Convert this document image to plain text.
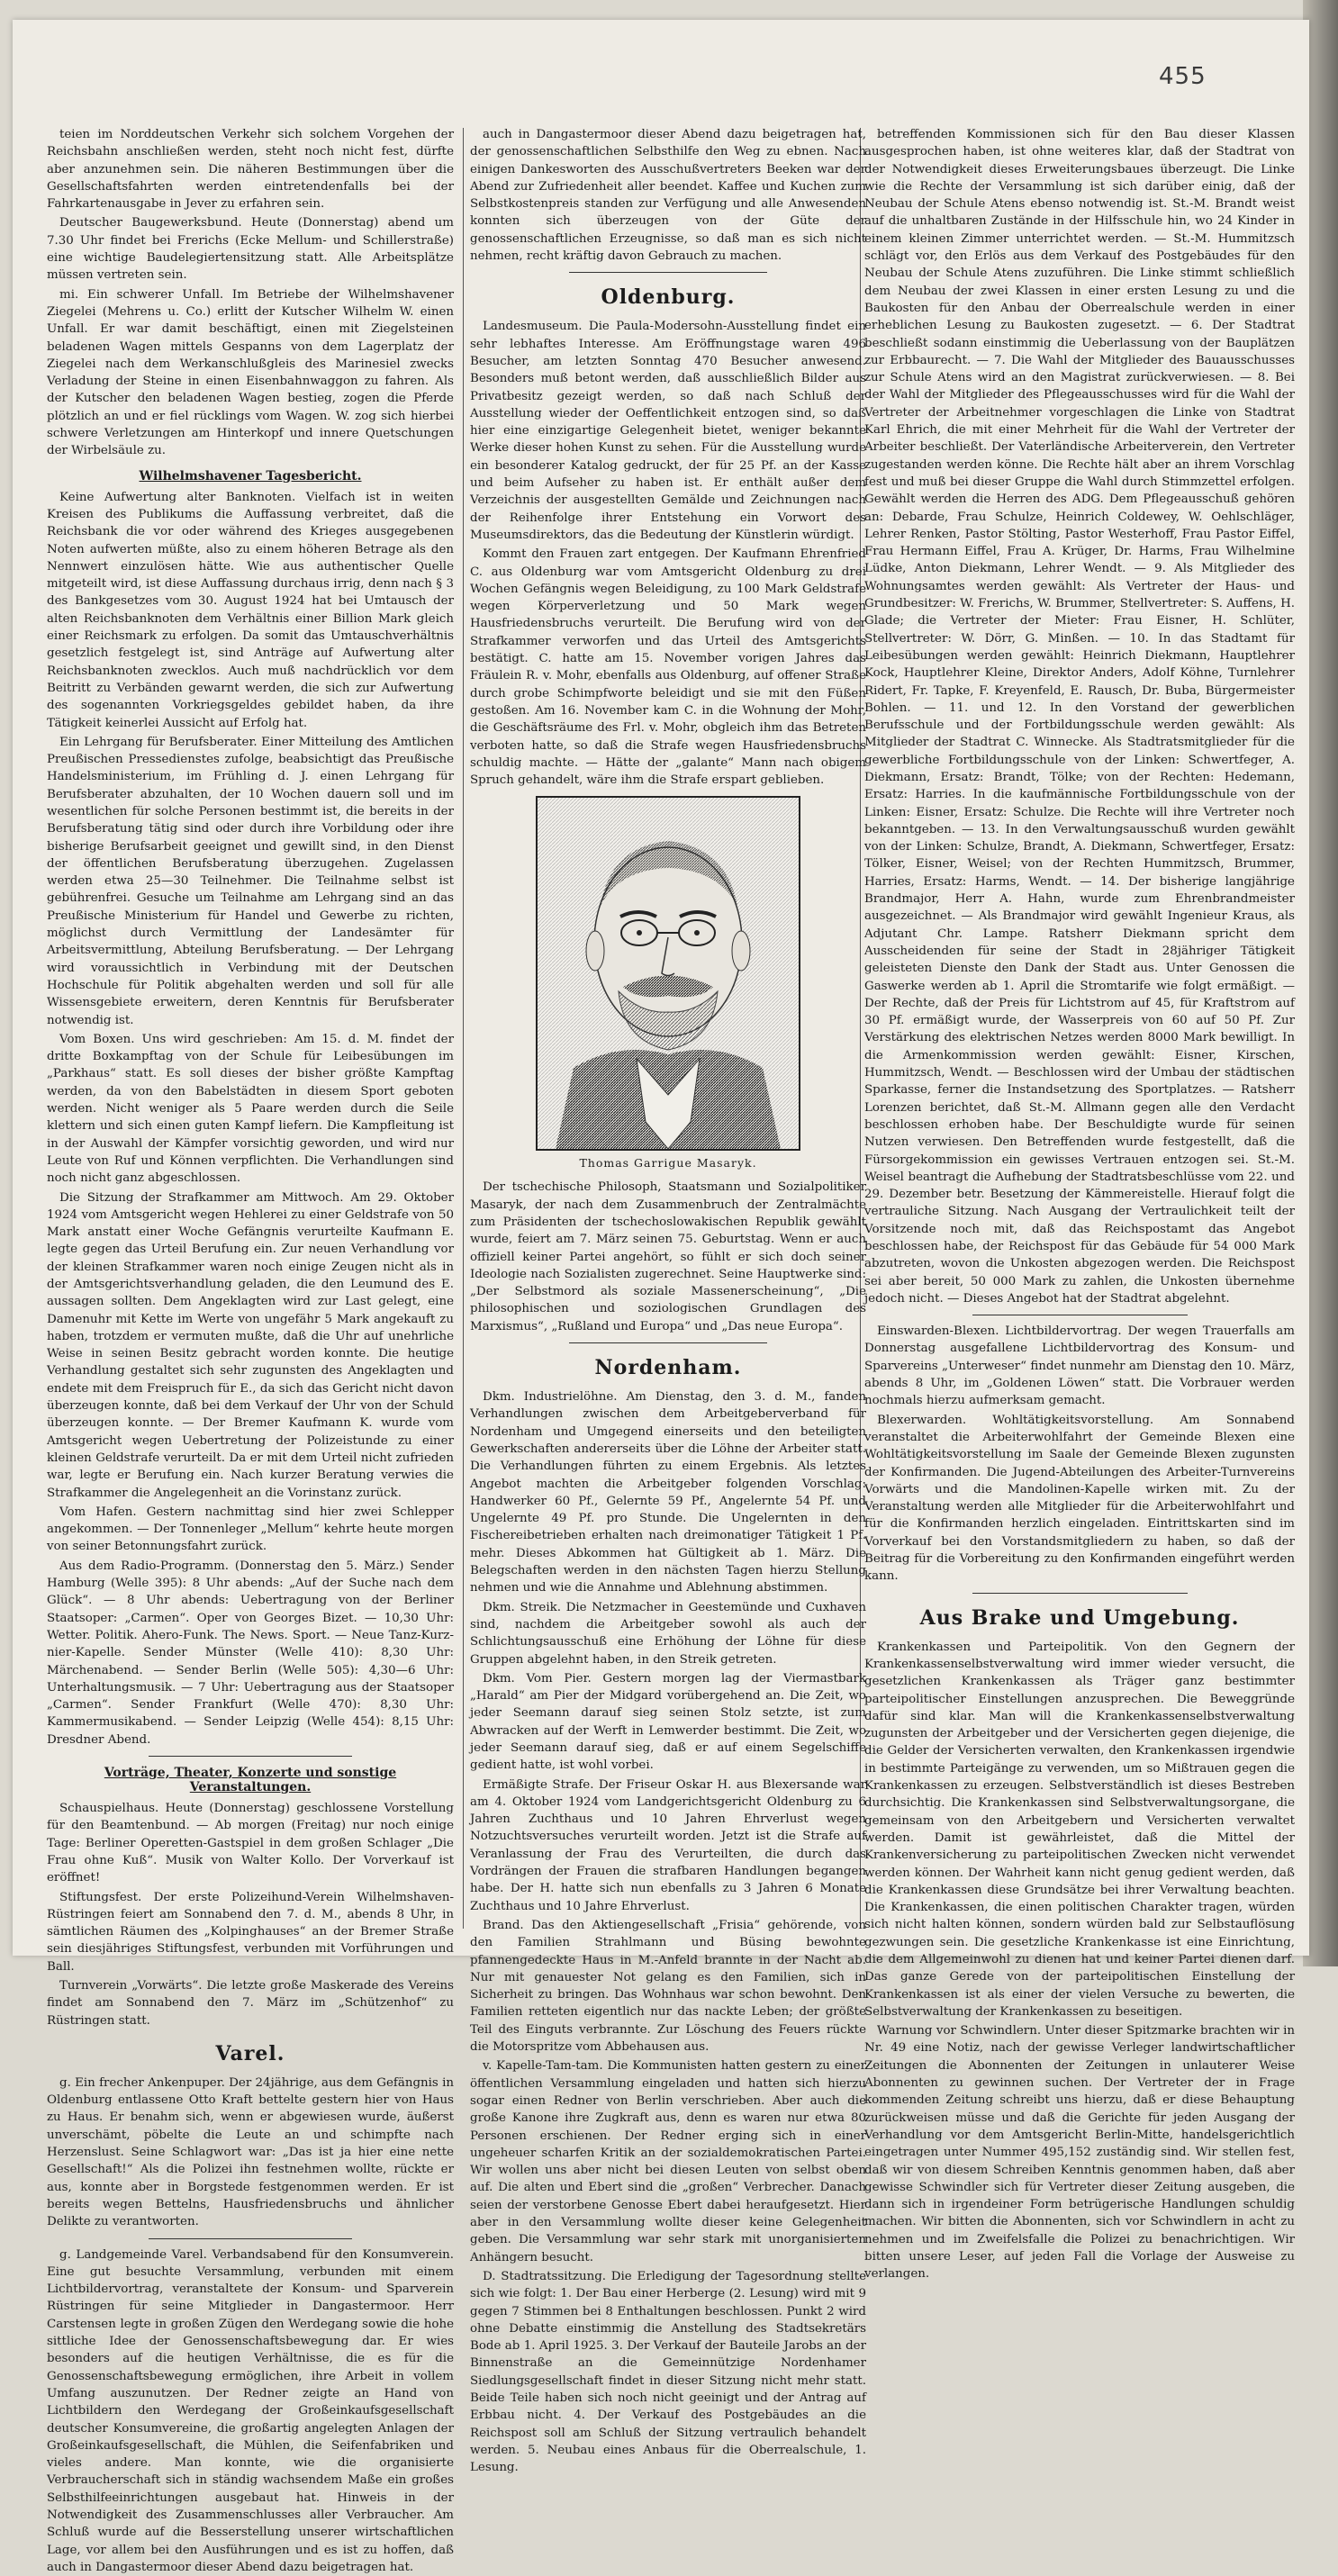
455

teien im Norddeutschen Verkehr sich solchem Vorgehen der Reichsbahn anschließen werden, steht noch nicht fest, dürfte aber anzunehmen sein. Die näheren Bestimmungen über die Gesellschaftsfahrten werden eintretendenfalls bei der Fahrkartenausgabe in Jever zu erfahren sein.

Deutscher Baugewerksbund. Heute (Donnerstag) abend um 7.30 Uhr findet bei Frerichs (Ecke Mellum- und Schillerstraße) eine wichtige Baudelegiertensitzung statt. Alle Arbeitsplätze müssen vertreten sein.

mi. Ein schwerer Unfall. Im Betriebe der Wilhelmshavener Ziegelei (Mehrens u. Co.) erlitt der Kutscher Wilhelm W. einen Unfall. Er war damit beschäftigt, einen mit Ziegelsteinen beladenen Wagen mittels Gespanns von dem Lagerplatz der Ziegelei nach dem Werkanschlußgleis des Marinesiel zwecks Verladung der Steine in einen Eisenbahnwaggon zu fahren. Als der Kutscher den beladenen Wagen bestieg, zogen die Pferde plötzlich an und er fiel rücklings vom Wagen. W. zog sich hierbei schwere Verletzungen am Hinterkopf und innere Quetschungen der Wirbelsäule zu.

Wilhelmshavener Tagesbericht.

Keine Aufwertung alter Banknoten. Vielfach ist in weiten Kreisen des Publikums die Auffassung verbreitet, daß die Reichsbank die vor oder während des Krieges ausgegebenen Noten aufwerten müßte, also zu einem höheren Betrage als den Nennwert einzulösen hätte. Wie aus authentischer Quelle mitgeteilt wird, ist diese Auffassung durchaus irrig, denn nach § 3 des Bankgesetzes vom 30. August 1924 hat bei Umtausch der alten Reichsbanknoten dem Verhältnis einer Billion Mark gleich einer Reichsmark zu erfolgen. Da somit das Umtauschverhältnis gesetzlich festgelegt ist, sind Anträge auf Aufwertung alter Reichsbanknoten zwecklos. Auch muß nachdrücklich vor dem Beitritt zu Verbänden gewarnt werden, die sich zur Aufwertung des sogenannten Vorkriegsgeldes gebildet haben, da ihre Tätigkeit keinerlei Aussicht auf Erfolg hat.

Ein Lehrgang für Berufsberater. Einer Mitteilung des Amtlichen Preußischen Pressedienstes zufolge, beabsichtigt das Preußische Handelsministerium, im Frühling d. J. einen Lehrgang für Berufsberater abzuhalten, der 10 Wochen dauern soll und im wesentlichen für solche Personen bestimmt ist, die bereits in der Berufsberatung tätig sind oder durch ihre Vorbildung oder ihre bisherige Berufsarbeit geeignet und gewillt sind, in den Dienst der öffentlichen Berufsberatung überzugehen. Zugelassen werden etwa 25—30 Teilnehmer. Die Teilnahme selbst ist gebührenfrei. Gesuche um Teilnahme am Lehrgang sind an das Preußische Ministerium für Handel und Gewerbe zu richten, möglichst durch Vermittlung der Landesämter für Arbeitsvermittlung, Abteilung Berufsberatung. — Der Lehrgang wird voraussichtlich in Verbindung mit der Deutschen Hochschule für Politik abgehalten werden und soll für alle Wissensgebiete erweitern, deren Kenntnis für Berufsberater notwendig ist.

Vom Boxen. Uns wird geschrieben: Am 15. d. M. findet der dritte Boxkampftag von der Schule für Leibesübungen im „Parkhaus“ statt. Es soll dieses der bisher größte Kampftag werden, da von den Babelstädten in diesem Sport geboten werden. Nicht weniger als 5 Paare werden durch die Seile klettern und sich einen guten Kampf liefern. Die Kampfleitung ist in der Auswahl der Kämpfer vorsichtig geworden, und wird nur Leute von Ruf und Können verpflichten. Die Verhandlungen sind noch nicht ganz abgeschlossen.

Die Sitzung der Strafkammer am Mittwoch. Am 29. Oktober 1924 vom Amtsgericht wegen Hehlerei zu einer Geldstrafe von 50 Mark anstatt einer Woche Gefängnis verurteilte Kaufmann E. legte gegen das Urteil Berufung ein. Zur neuen Verhandlung vor der kleinen Strafkammer waren noch einige Zeugen nicht als in der Amtsgerichtsverhandlung geladen, die den Leumund des E. aussagen sollten. Dem Angeklagten wird zur Last gelegt, eine Damenuhr mit Kette im Werte von ungefähr 5 Mark angekauft zu haben, trotzdem er vermuten mußte, daß die Uhr auf unehrliche Weise in seinen Besitz gebracht worden konnte. Die heutige Verhandlung gestaltet sich sehr zugunsten des Angeklagten und endete mit dem Freispruch für E., da sich das Gericht nicht davon überzeugen konnte, daß bei dem Verkauf der Uhr von der Schuld überzeugen konnte. — Der Bremer Kaufmann K. wurde vom Amtsgericht wegen Uebertretung der Polizeistunde zu einer kleinen Geldstrafe verurteilt. Da er mit dem Urteil nicht zufrieden war, legte er Berufung ein. Nach kurzer Beratung verwies die Strafkammer die Angelegenheit an die Vorinstanz zurück.

Vom Hafen. Gestern nachmittag sind hier zwei Schlepper angekommen. — Der Tonnenleger „Mellum“ kehrte heute morgen von seiner Betonnungsfahrt zurück.

Aus dem Radio-Programm. (Donnerstag den 5. März.) Sender Hamburg (Welle 395): 8 Uhr abends: „Auf der Suche nach dem Glück“. — 8 Uhr abends: Uebertragung von der Berliner Staatsoper: „Carmen“. Oper von Georges Bizet. — 10,30 Uhr: Wetter. Politik. Ahero-Funk. The News. Sport. — Neue Tanz-Kurz-nier-Kapelle. Sender Münster (Welle 410): 8,30 Uhr: Märchenabend. — Sender Berlin (Welle 505): 4,30—6 Uhr: Unterhaltungsmusik. — 7 Uhr: Uebertragung aus der Staatsoper „Carmen“. Sender Frankfurt (Welle 470): 8,30 Uhr: Kammermusikabend. — Sender Leipzig (Welle 454): 8,15 Uhr: Dresdner Abend.

Vorträge, Theater, Konzerte und sonstige Veranstaltungen.

Schauspielhaus. Heute (Donnerstag) geschlossene Vorstellung für den Beamtenbund. — Ab morgen (Freitag) nur noch einige Tage: Berliner Operetten-Gastspiel in dem großen Schlager „Die Frau ohne Kuß“. Musik von Walter Kollo. Der Vorverkauf ist eröffnet!

Stiftungsfest. Der erste Polizeihund-Verein Wilhelmshaven-Rüstringen feiert am Sonnabend den 7. d. M., abends 8 Uhr, in sämtlichen Räumen des „Kolpinghauses“ an der Bremer Straße sein diesjähriges Stiftungsfest, verbunden mit Vorführungen und Ball.

Turnverein „Vorwärts“. Die letzte große Maskerade des Vereins findet am Sonnabend den 7. März im „Schützenhof“ zu Rüstringen statt.

Varel.

g. Ein frecher Ankenpuper. Der 24jährige, aus dem Gefängnis in Oldenburg entlassene Otto Kraft bettelte gestern hier von Haus zu Haus. Er benahm sich, wenn er abgewiesen wurde, äußerst unverschämt, pöbelte die Leute an und schimpfte nach Herzenslust. Seine Schlagwort war: „Das ist ja hier eine nette Gesellschaft!“ Als die Polizei ihn festnehmen wollte, rückte er aus, konnte aber in Borgstede festgenommen werden. Er ist bereits wegen Bettelns, Hausfriedensbruchs und ähnlicher Delikte zu verantworten.

g. Landgemeinde Varel. Verbandsabend für den Konsumverein. Eine gut besuchte Versammlung, verbunden mit einem Lichtbildervortrag, veranstaltete der Konsum- und Sparverein Rüstringen für seine Mitglieder in Dangastermoor. Herr Carstensen legte in großen Zügen den Werdegang sowie die hohe sittliche Idee der Genossenschaftsbewegung dar. Er wies besonders auf die heutigen Verhältnisse, die es für die Genossenschaftsbewegung ermöglichen, ihre Arbeit in vollem Umfang auszunutzen. Der Redner zeigte an Hand von Lichtbildern den Werdegang der Großeinkaufsgesellschaft deutscher Konsumvereine, die großartig angelegten Anlagen der Großeinkaufsgesellschaft, die Mühlen, die Seifenfabriken und vieles andere. Man konnte, wie die organisierte Verbraucherschaft sich in ständig wachsendem Maße ein großes Selbsthilfeeinrichtungen ausgebaut hat. Hinweis in der Notwendigkeit des Zusammenschlusses aller Verbraucher. Am Schluß wurde auf die Besserstellung unserer wirtschaftlichen Lage, vor allem bei den Ausführungen und es ist zu hoffen, daß auch in Dangastermoor dieser Abend dazu beigetragen hat.

auch in Dangastermoor dieser Abend dazu beigetragen hat, der genossenschaftlichen Selbsthilfe den Weg zu ebnen. Nach einigen Dankesworten des Ausschußvertreters Beeken war der Abend zur Zufriedenheit aller beendet. Kaffee und Kuchen zum Selbstkostenpreis standen zur Verfügung und alle Anwesenden konnten sich überzeugen von der Güte der genossenschaftlichen Erzeugnisse, so daß man es sich nicht nehmen, recht kräftig davon Gebrauch zu machen.

Oldenburg.

Landesmuseum. Die Paula-Modersohn-Ausstellung findet ein sehr lebhaftes Interesse. Am Eröffnungstage waren 496 Besucher, am letzten Sonntag 470 Besucher anwesend. Besonders muß betont werden, daß ausschließlich Bilder aus Privatbesitz gezeigt werden, so daß nach Schluß der Ausstellung wieder der Oeffentlichkeit entzogen sind, so daß hier eine einzigartige Gelegenheit bietet, weniger bekannte Werke dieser hohen Kunst zu sehen. Für die Ausstellung wurde ein besonderer Katalog gedruckt, der für 25 Pf. an der Kasse und beim Aufseher zu haben ist. Er enthält außer dem Verzeichnis der ausgestellten Gemälde und Zeichnungen nach der Reihenfolge ihrer Entstehung ein Vorwort des Museumsdirektors, das die Bedeutung der Künstlerin würdigt.

Kommt den Frauen zart entgegen. Der Kaufmann Ehrenfried C. aus Oldenburg war vom Amtsgericht Oldenburg zu drei Wochen Gefängnis wegen Beleidigung, zu 100 Mark Geldstrafe wegen Körperverletzung und 50 Mark wegen Hausfriedensbruchs verurteilt. Die Berufung wird von der Strafkammer verworfen und das Urteil des Amtsgerichts bestätigt. C. hatte am 15. November vorigen Jahres das Fräulein R. v. Mohr, ebenfalls aus Oldenburg, auf offener Straße durch grobe Schimpfworte beleidigt und sie mit den Füßen gestoßen. Am 16. November kam C. in die Wohnung der Mohr, die Geschäftsräume des Frl. v. Mohr, obgleich ihm das Betreten verboten hatte, so daß die Strafe wegen Hausfriedensbruchs schuldig machte. — Hätte der „galante“ Mann nach obigem Spruch gehandelt, wäre ihm die Strafe erspart geblieben.

Thomas Garrigue Masaryk.

Der tschechische Philosoph, Staatsmann und Sozialpolitiker Masaryk, der nach dem Zusammenbruch der Zentralmächte zum Präsidenten der tschechoslowakischen Republik gewählt wurde, feiert am 7. März seinen 75. Geburtstag. Wenn er auch offiziell keiner Partei angehört, so fühlt er sich doch seiner Ideologie nach Sozialisten zugerechnet. Seine Hauptwerke sind: „Der Selbstmord als soziale Massenerscheinung“, „Die philosophischen und soziologischen Grundlagen des Marxismus“, „Rußland und Europa“ und „Das neue Europa“.

Nordenham.

Dkm. Industrielöhne. Am Dienstag, den 3. d. M., fanden Verhandlungen zwischen dem Arbeitgeberverband für Nordenham und Umgegend einerseits und den beteiligten Gewerkschaften andererseits über die Löhne der Arbeiter statt. Die Verhandlungen führten zu einem Ergebnis. Als letztes Angebot machten die Arbeitgeber folgenden Vorschlag: Handwerker 60 Pf., Gelernte 59 Pf., Angelernte 54 Pf. und Ungelernte 49 Pf. pro Stunde. Die Ungelernten in den Fischereibetrieben erhalten nach dreimonatiger Tätigkeit 1 Pf. mehr. Dieses Abkommen hat Gültigkeit ab 1. März. Die Belegschaften werden in den nächsten Tagen hierzu Stellung nehmen und wie die Annahme und Ablehnung abstimmen.

Dkm. Streik. Die Netzmacher in Geestemünde und Cuxhaven sind, nachdem die Arbeitgeber sowohl als auch der Schlichtungsausschuß eine Erhöhung der Löhne für diese Gruppen abgelehnt haben, in den Streik getreten.

Dkm. Vom Pier. Gestern morgen lag der Viermastbark „Harald“ am Pier der Midgard vorübergehend an. Die Zeit, wo jeder Seemann darauf sieg seinen Stolz setzte, ist zum Abwracken auf der Werft in Lemwerder bestimmt. Die Zeit, wo jeder Seemann darauf sieg, daß er auf einem Segelschiffe gedient hatte, ist wohl vorbei.

Ermäßigte Strafe. Der Friseur Oskar H. aus Blexersande war am 4. Oktober 1924 vom Landgerichtsgericht Oldenburg zu 6 Jahren Zuchthaus und 10 Jahren Ehrverlust wegen Notzuchtsversuches verurteilt worden. Jetzt ist die Strafe auf Veranlassung der Frau des Verurteilten, die durch das Vordrängen der Frauen die strafbaren Handlungen begangen habe. Der H. hatte sich nun ebenfalls zu 3 Jahren 6 Monate Zuchthaus und 10 Jahre Ehrverlust.

Brand. Das den Aktiengesellschaft „Frisia“ gehörende, von den Familien Strahlmann und Büsing bewohnte pfannengedeckte Haus in M.-Anfeld brannte in der Nacht ab. Nur mit genauester Not gelang es den Familien, sich in Sicherheit zu bringen. Das Wohnhaus war schon bewohnt. Den Familien retteten eigentlich nur das nackte Leben; der größte Teil des Einguts verbrannte. Zur Löschung des Feuers rückte die Motorspritze vom Abbehausen aus.

v. Kapelle-Tam-tam. Die Kommunisten hatten gestern zu einer öffentlichen Versammlung eingeladen und hatten sich hierzu sogar einen Redner von Berlin verschrieben. Aber auch die große Kanone ihre Zugkraft aus, denn es waren nur etwa 80 Personen erschienen. Der Redner erging sich in einer ungeheuer scharfen Kritik an der sozialdemokratischen Partei. Wir wollen uns aber nicht bei diesen Leuten von selbst oben auf. Die alten und Ebert sind die „großen“ Verbrecher. Danach seien der verstorbene Genosse Ebert dabei heraufgesetzt. Hier aber in den Versammlung wollte dieser keine Gelegenheit geben. Die Versammlung war sehr stark mit unorganisierten Anhängern besucht.

D. Stadtratssitzung. Die Erledigung der Tagesordnung stellte sich wie folgt: 1. Der Bau einer Herberge (2. Lesung) wird mit 9 gegen 7 Stimmen bei 8 Enthaltungen beschlossen. Punkt 2 wird ohne Debatte einstimmig die Anstellung des Stadtsekretärs Bode ab 1. April 1925. 3. Der Verkauf der Bauteile Jarobs an der Binnenstraße an die Gemeinnützige Nordenhamer Siedlungsgesellschaft findet in dieser Sitzung nicht mehr statt. Beide Teile haben sich noch nicht geeinigt und der Antrag auf Erbbau nicht. 4. Der Verkauf des Postgebäudes an die Reichspost soll am Schluß der Sitzung vertraulich behandelt werden. 5. Neubau eines Anbaus für die Oberrealschule, 1. Lesung.

betreffenden Kommissionen sich für den Bau dieser Klassen ausgesprochen haben, ist ohne weiteres klar, daß der Stadtrat von der Notwendigkeit dieses Erweiterungsbaues überzeugt. Die Linke wie die Rechte der Versammlung ist sich darüber einig, daß der Neubau der Schule Atens ebenso notwendig ist. St.-M. Brandt weist auf die unhaltbaren Zustände in der Hilfsschule hin, wo 24 Kinder in einem kleinen Zimmer unterrichtet werden. — St.-M. Hummitzsch schlägt vor, den Erlös aus dem Verkauf des Postgebäudes für den Neubau der Schule Atens zuzuführen. Die Linke stimmt schließlich dem Neubau der zwei Klassen in einer ersten Lesung zu und die Baukosten für den Anbau der Oberrealschule werden in einer erheblichen Lesung zu Baukosten zugesetzt. — 6. Der Stadtrat beschließt sodann einstimmig die Ueberlassung von der Bauplätzen zur Erbbaurecht. — 7. Die Wahl der Mitglieder des Bauausschusses zur Schule Atens wird an den Magistrat zurückverwiesen. — 8. Bei der Wahl der Mitglieder des Pflegeausschusses wird für die Wahl der Vertreter der Arbeitnehmer vorgeschlagen die Linke von Stadtrat Karl Ehrich, die mit einer Mehrheit für die Wahl der Vertreter der Arbeiter beschließt. Der Vaterländische Arbeiterverein, den Vertreter zugestanden werden könne. Die Rechte hält aber an ihrem Vorschlag fest und muß bei dieser Gruppe die Wahl durch Stimmzettel erfolgen. Gewählt werden die Herren des ADG. Dem Pflegeausschuß gehören an: Debarde, Frau Schulze, Heinrich Coldewey, W. Oehlschläger, Lehrer Renken, Pastor Stölting, Pastor Westerhoff, Frau Pastor Eiffel, Frau Hermann Eiffel, Frau A. Krüger, Dr. Harms, Frau Wilhelmine Lüdke, Anton Diekmann, Lehrer Wendt. — 9. Als Mitglieder des Wohnungsamtes werden gewählt: Als Vertreter der Haus- und Grundbesitzer: W. Frerichs, W. Brummer, Stellvertreter: S. Auffens, H. Glade; die Vertreter der Mieter: Frau Eisner, H. Schlüter, Stellvertreter: W. Dörr, G. Minßen. — 10. In das Stadtamt für Leibesübungen werden gewählt: Heinrich Diekmann, Hauptlehrer Kock, Hauptlehrer Kleine, Direktor Anders, Adolf Köhne, Turnlehrer Ridert, Fr. Tapke, F. Kreyenfeld, E. Rausch, Dr. Buba, Bürgermeister Bohlen. — 11. und 12. In den Vorstand der gewerblichen Berufsschule und der Fortbildungsschule werden gewählt: Als Mitglieder der Stadtrat C. Winnecke. Als Stadtratsmitglieder für die gewerbliche Fortbildungsschule von der Linken: Schwertfeger, A. Diekmann, Ersatz: Brandt, Tölke; von der Rechten: Hedemann, Ersatz: Harries. In die kaufmännische Fortbildungsschule von der Linken: Eisner, Ersatz: Schulze. Die Rechte will ihre Vertreter noch bekanntgeben. — 13. In den Verwaltungsausschuß wurden gewählt von der Linken: Schulze, Brandt, A. Diekmann, Schwertfeger, Ersatz: Tölker, Eisner, Weisel; von der Rechten Hummitzsch, Brummer, Harries, Ersatz: Harms, Wendt. — 14. Der bisherige langjährige Brandmajor, Herr A. Hahn, wurde zum Ehrenbrandmeister ausgezeichnet. — Als Brandmajor wird gewählt Ingenieur Kraus, als Adjutant Chr. Lampe. Ratsherr Diekmann spricht dem Ausscheidenden für seine der Stadt in 28jähriger Tätigkeit geleisteten Dienste den Dank der Stadt aus. Unter Genossen die Gaswerke werden ab 1. April die Stromtarife wie folgt ermäßigt. — Der Rechte, daß der Preis für Lichtstrom auf 45, für Kraftstrom auf 30 Pf. ermäßigt wurde, der Wasserpreis von 60 auf 50 Pf. Zur Verstärkung des elektrischen Netzes werden 8000 Mark bewilligt. In die Armenkommission werden gewählt: Eisner, Kirschen, Hummitzsch, Wendt. — Beschlossen wird der Umbau der städtischen Sparkasse, ferner die Instandsetzung des Sportplatzes. — Ratsherr Lorenzen berichtet, daß St.-M. Allmann gegen alle den Verdacht beschlossen erhoben habe. Der Beschuldigte wurde für seinen Nutzen verwiesen. Den Betreffenden wurde festgestellt, daß die Fürsorgekommission ein gewisses Vertrauen entzogen sei. St.-M. Weisel beantragt die Aufhebung der Stadtratsbeschlüsse vom 22. und 29. Dezember betr. Besetzung der Kämmereistelle. Hierauf folgt die vertrauliche Sitzung. Nach Ausgang der Vertraulichkeit teilt der Vorsitzende noch mit, daß das Reichspostamt das Angebot beschlossen habe, der Reichspost für das Gebäude für 54 000 Mark abzutreten, wovon die Unkosten abgezogen werden. Die Reichspost sei aber bereit, 50 000 Mark zu zahlen, die Unkosten übernehme jedoch nicht. — Dieses Angebot hat der Stadtrat abgelehnt.

Einswarden-Blexen. Lichtbildervortrag. Der wegen Trauerfalls am Donnerstag ausgefallene Lichtbildervortrag des Konsum- und Sparvereins „Unterweser“ findet nunmehr am Dienstag den 10. März, abends 8 Uhr, im „Goldenen Löwen“ statt. Die Vorbrauer werden nochmals hierzu aufmerksam gemacht.

Blexerwarden. Wohltätigkeitsvorstellung. Am Sonnabend veranstaltet die Arbeiterwohlfahrt der Gemeinde Blexen eine Wohltätigkeitsvorstellung im Saale der Gemeinde Blexen zugunsten der Konfirmanden. Die Jugend-Abteilungen des Arbeiter-Turnvereins Vorwärts und die Mandolinen-Kapelle wirken mit. Zu der Veranstaltung werden alle Mitglieder für die Arbeiterwohlfahrt und für die Konfirmanden herzlich eingeladen. Eintrittskarten sind im Vorverkauf bei den Vorstandsmitgliedern zu haben, so daß der Beitrag für die Vorbereitung zu den Konfirmanden eingeführt werden kann.

Aus Brake und Umgebung.

Krankenkassen und Parteipolitik. Von den Gegnern der Krankenkassenselbstverwaltung wird immer wieder versucht, die gesetzlichen Krankenkassen als Träger ganz bestimmter parteipolitischer Einstellungen anzusprechen. Die Beweggründe dafür sind klar. Man will die Krankenkassenselbstverwaltung zugunsten der Arbeitgeber und der Versicherten gegen diejenige, die die Gelder der Versicherten verwalten, den Krankenkassen irgendwie in bestimmte Parteigänge zu verwenden, um so Mißtrauen gegen die Krankenkassen zu erzeugen. Selbstverständlich ist dieses Bestreben durchsichtig. Die Krankenkassen sind Selbstverwaltungsorgane, die gemeinsam von den Arbeitgebern und Versicherten verwaltet werden. Damit ist gewährleistet, daß die Mittel der Krankenversicherung zu parteipolitischen Zwecken nicht verwendet werden können. Der Wahrheit kann nicht genug gedient werden, daß die Krankenkassen diese Grundsätze bei ihrer Verwaltung beachten. Die Krankenkassen, die einen politischen Charakter tragen, würden sich nicht halten können, sondern würden bald zur Selbstauflösung gezwungen sein. Die gesetzliche Krankenkasse ist eine Einrichtung, die dem Allgemeinwohl zu dienen hat und keiner Partei dienen darf. Das ganze Gerede von der parteipolitischen Einstellung der Krankenkassen ist als einer der vielen Versuche zu bewerten, die Selbstverwaltung der Krankenkassen zu beseitigen.

Warnung vor Schwindlern. Unter dieser Spitzmarke brachten wir in Nr. 49 eine Notiz, nach der gewisse Verleger landwirtschaftlicher Zeitungen die Abonnenten der Zeitungen in unlauterer Weise Abonnenten zu gewinnen suchen. Der Vertreter der in Frage kommenden Zeitung schreibt uns hierzu, daß er diese Behauptung zurückweisen müsse und daß die Gerichte für jeden Ausgang der Verhandlung vor dem Amtsgericht Berlin-Mitte, handelsgerichtlich eingetragen unter Nummer 495,152 zuständig sind. Wir stellen fest, daß wir von diesem Schreiben Kenntnis genommen haben, daß aber gewisse Schwindler sich für Vertreter dieser Zeitung ausgeben, die dann sich in irgendeiner Form betrügerische Handlungen schuldig machen. Wir bitten die Abonnenten, sich vor Schwindlern in acht zu nehmen und im Zweifelsfalle die Polizei zu benachrichtigen. Wir bitten unsere Leser, auf jeden Fall die Vorlage der Ausweise zu verlangen.
